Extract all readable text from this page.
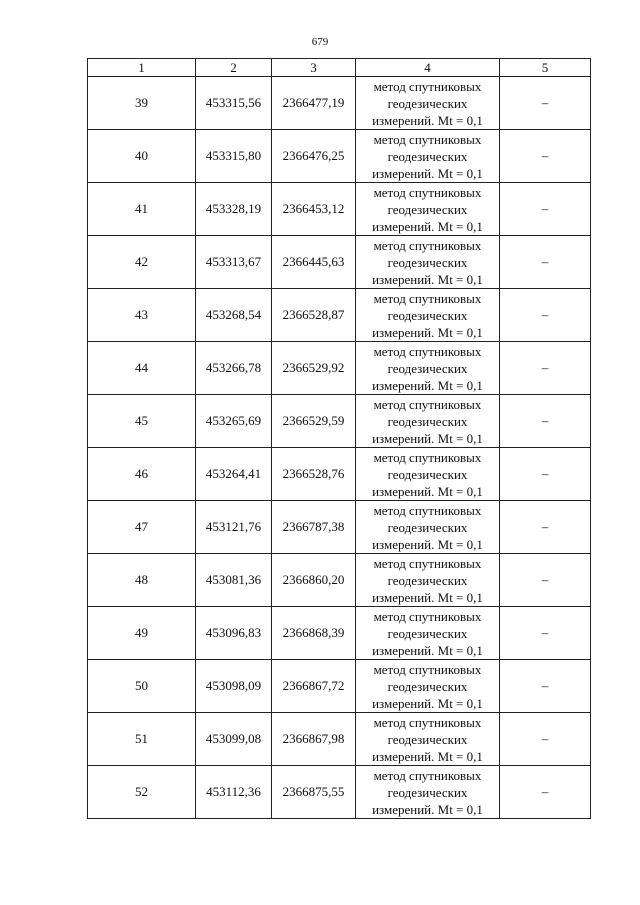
679
1	2	3	4	5
39	453315,56	2366477,19	метод спутниковых
геодезических
измерений. Mt = 0,1	–
40	453315,80	2366476,25	метод спутниковых
геодезических
измерений. Mt = 0,1	–
41	453328,19	2366453,12	метод спутниковых
геодезических
измерений. Mt = 0,1	–
42	453313,67	2366445,63	метод спутниковых
геодезических
измерений. Mt = 0,1	–
43	453268,54	2366528,87	метод спутниковых
геодезических
измерений. Mt = 0,1	–
44	453266,78	2366529,92	метод спутниковых
геодезических
измерений. Mt = 0,1	–
45	453265,69	2366529,59	метод спутниковых
геодезических
измерений. Mt = 0,1	–
46	453264,41	2366528,76	метод спутниковых
геодезических
измерений. Mt = 0,1	–
47	453121,76	2366787,38	метод спутниковых
геодезических
измерений. Mt = 0,1	–
48	453081,36	2366860,20	метод спутниковых
геодезических
измерений. Mt = 0,1	–
49	453096,83	2366868,39	метод спутниковых
геодезических
измерений. Mt = 0,1	–
50	453098,09	2366867,72	метод спутниковых
геодезических
измерений. Mt = 0,1	–
51	453099,08	2366867,98	метод спутниковых
геодезических
измерений. Mt = 0,1	–
52	453112,36	2366875,55	метод спутниковых
геодезических
измерений. Mt = 0,1	–
